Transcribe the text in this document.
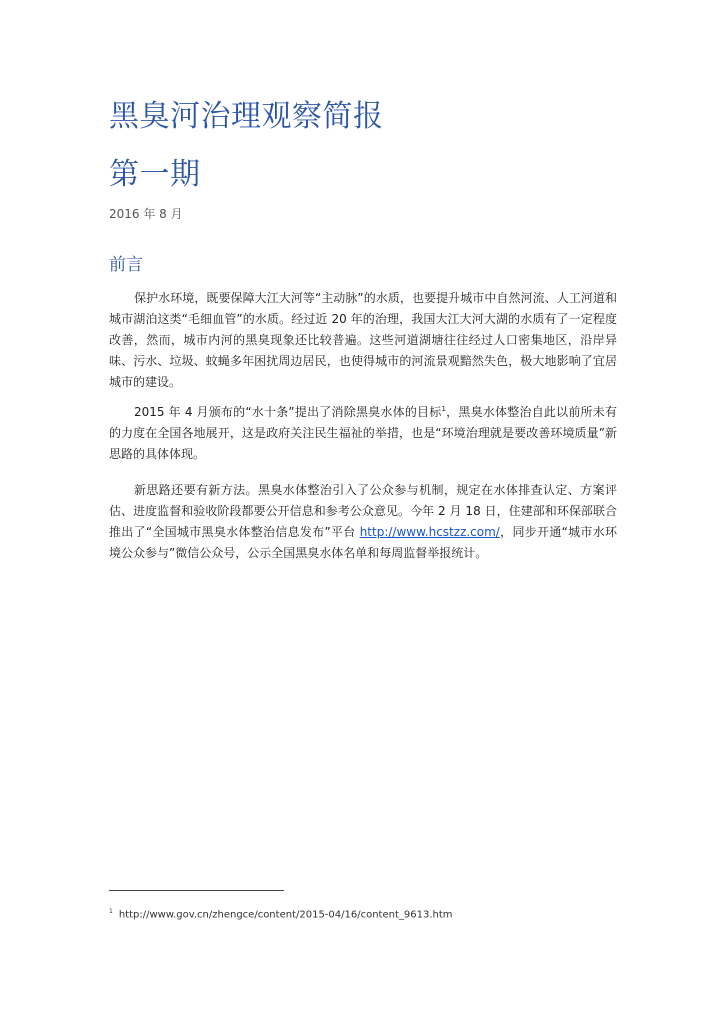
黑臭河治理观察简报
第一期
2016 年 8 月
前言

保护水环境，既要保障大江大河等“主动脉”的水质，也要提升城市中自然河流、人工河道和城市湖泊这类“毛细血管”的水质。经过近 20 年的治理，我国大江大河大湖的水质有了一定程度改善，然而，城市内河的黑臭现象还比较普遍。这些河道湖塘往往经过人口密集地区，沿岸异味、污水、垃圾、蚊蝇多年困扰周边居民，也使得城市的河流景观黯然失色，极大地影响了宜居城市的建设。

2015 年 4 月颁布的“水十条”提出了消除黑臭水体的目标$^1$，黑臭水体整治自此以前所未有的力度在全国各地展开，这是政府关注民生福祉的举措，也是“环境治理就是要改善环境质量”新思路的具体体现。

新思路还要有新方法。黑臭水体整治引入了公众参与机制，规定在水体排查认定、方案评估、进度监督和验收阶段都要公开信息和参考公众意见。今年 2 月 18 日，住建部和环保部联合推出了“全国城市黑臭水体整治信息发布”平台 http://www.hcstzz.com/，同步开通“城市水环境公众参与”微信公众号，公示全国黑臭水体名单和每周监督举报统计。

$^1$ http://www.gov.cn/zhengce/content/2015-04/16/content_9613.htm
